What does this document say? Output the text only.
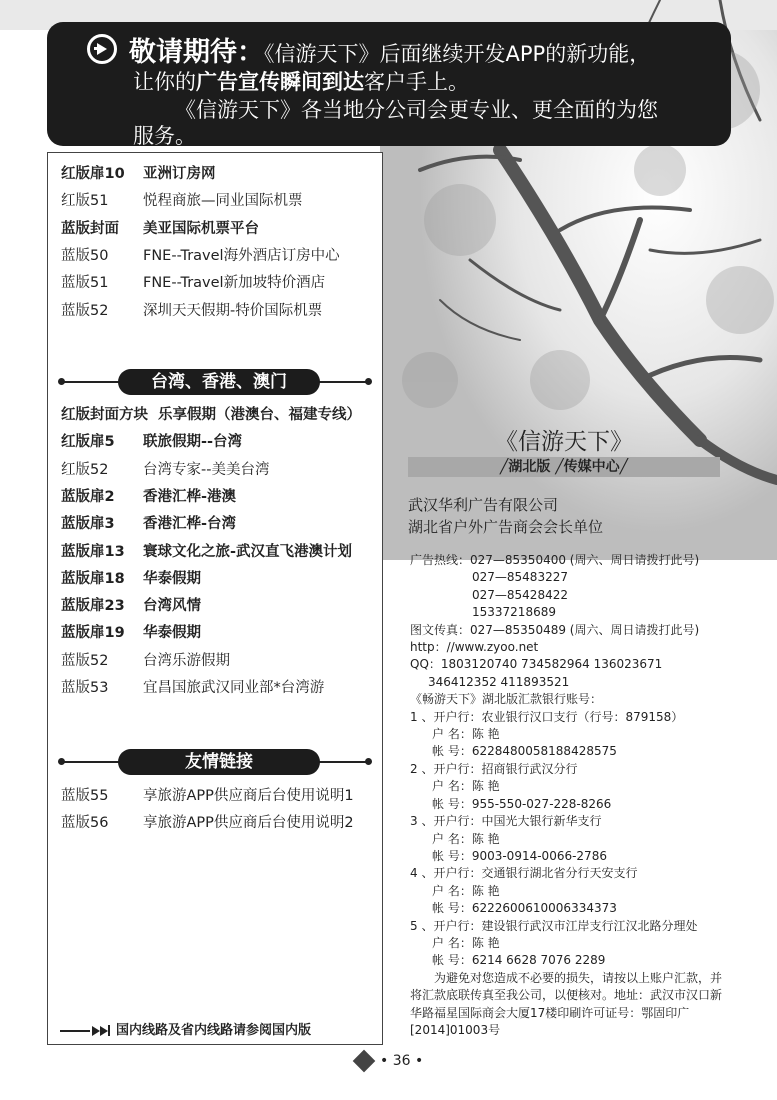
敬请期待：《信游天下》后面继续开发APP的新功能，
让你的广告宣传瞬间到达客户手上。
《信游天下》各当地分公司会更专业、更全面的为您
服务。
红版扉10 亚洲订房网
红版51 悦程商旅—同业国际机票
蓝版封面 美亚国际机票平台
蓝版50 FNE--Travel海外酒店订房中心
蓝版51 FNE--Travel新加坡特价酒店
蓝版52 深圳天天假期-特价国际机票
台湾、香港、澳门
红版封面方块 乐享假期（港澳台、福建专线）
红版扉5 联旅假期--台湾
红版52 台湾专家--美美台湾
蓝版扉2 香港汇桦-港澳
蓝版扉3 香港汇桦-台湾
蓝版扉13 寰球文化之旅-武汉直飞港澳计划
蓝版扉18 华泰假期
蓝版扉23 台湾风情
蓝版扉19 华泰假期
蓝版52 台湾乐游假期
蓝版53 宜昌国旅武汉同业部*台湾游
友情链接
蓝版55 享旅游APP供应商后台使用说明1
蓝版56 享旅游APP供应商后台使用说明2
国内线路及省内线路请参阅国内版
《信游天下》
╱湖北版 ╱传媒中心╱
武汉华利广告有限公司
湖北省户外广告商会会长单位
广告热线：027—85350400 (周六、周日请拨打此号)
027—85483227
027—85428422
15337218689
图文传真：027—85350489 (周六、周日请拨打此号)
http：//www.zyoo.net
QQ：1803120740 734582964 136023671
346412352 411893521
《畅游天下》湖北版汇款银行账号：
1 、开户行：农业银行汉口支行（行号：879158）
户 名：陈 艳
帐 号：6228480058188428575
2 、开户行：招商银行武汉分行
户 名：陈 艳
帐 号：955-550-027-228-8266
3 、开户行：中国光大银行新华支行
户 名：陈 艳
帐 号：9003-0914-0066-2786
4 、开户行：交通银行湖北省分行天安支行
户 名：陈 艳
帐 号：6222600610006334373
5 、开户行：建设银行武汉市江岸支行江汉北路分理处
户 名：陈 艳
帐 号：6214 6628 7076 2289
为避免对您造成不必要的损失，请按以上账户汇款，并将汇款底联传真至我公司，以便核对。地址：武汉市汉口新华路福星国际商会大厦17楼印刷许可证号：鄂固印广[2014]01003号
• 36 •
